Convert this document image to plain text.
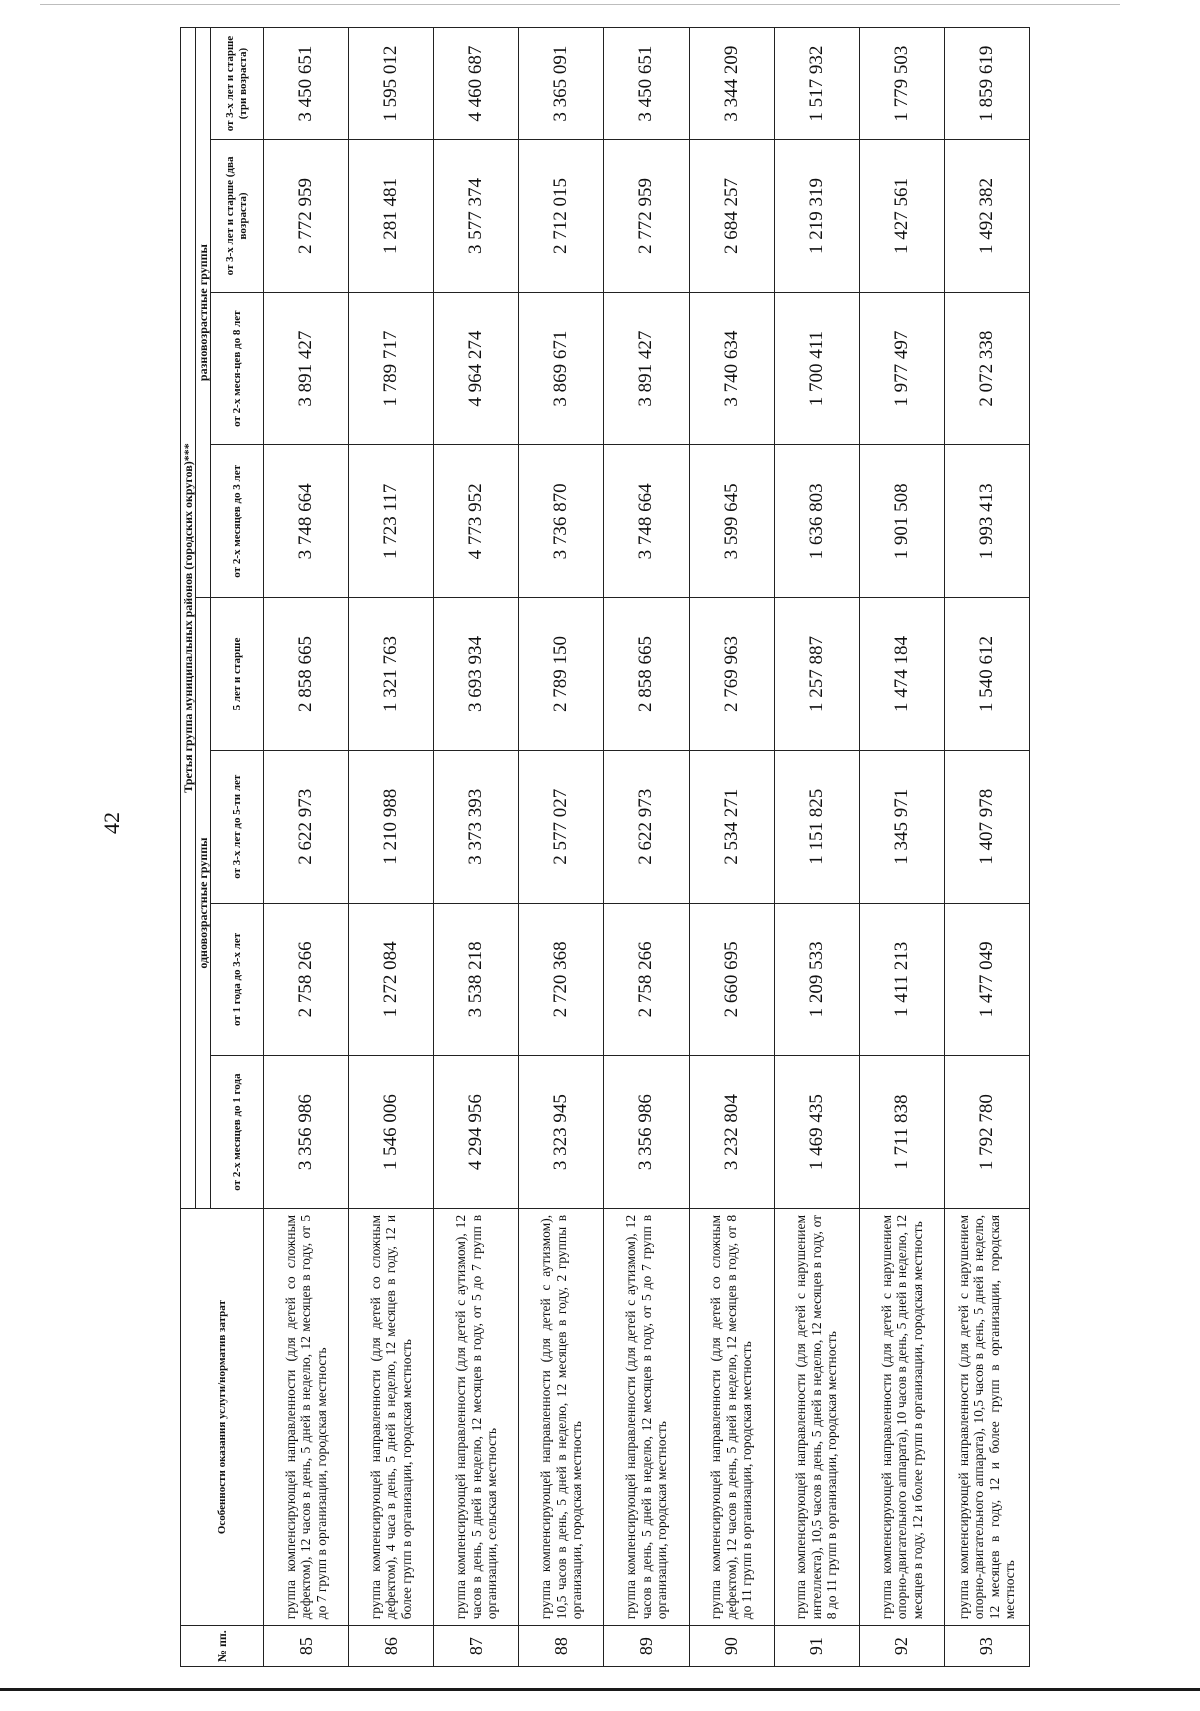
42
№ пп.	Особенности оказания услуги/норматив затрат	Третья группа муниципальных районов (городских округов)***							
		одновозрастные группы				разновозрастные группы			
		от 2-х месяцев до 1 года	от 1 года до 3-х лет	от 3-х лет до 5-ти лет	5 лет и старше	от 2-х месяцев до 3 лет	от 2-х меся-цев до 8 лет	от 3-х лет и старше (два возраста)	от 3-х лет и старше (три возраста)
85	группа компенсирующей направленности (для детей со сложным дефектом), 12 часов в день, 5 дней в неделю, 12 месяцев в году, от 5 до 7 групп в организации, городская местность	3 356 986	2 758 266	2 622 973	2 858 665	3 748 664	3 891 427	2 772 959	3 450 651
86	группа компенсирующей направленности (для детей со сложным дефектом), 4 часа в день, 5 дней в неделю, 12 месяцев в году, 12 и более групп в организации, городская местность	1 546 006	1 272 084	1 210 988	1 321 763	1 723 117	1 789 717	1 281 481	1 595 012
87	группа компенсирующей направленности (для детей с аутизмом), 12 часов в день, 5 дней в неделю, 12 месяцев в году, от 5 до 7 групп в организации, сельская местность	4 294 956	3 538 218	3 373 393	3 693 934	4 773 952	4 964 274	3 577 374	4 460 687
88	группа компенсирующей направленности (для детей с аутизмом), 10,5 часов в день, 5 дней в неделю, 12 месяцев в году, 2 группы в организации, городская местность	3 323 945	2 720 368	2 577 027	2 789 150	3 736 870	3 869 671	2 712 015	3 365 091
89	группа компенсирующей направленности (для детей с аутизмом), 12 часов в день, 5 дней в неделю, 12 месяцев в году, от 5 до 7 групп в организации, городская местность	3 356 986	2 758 266	2 622 973	2 858 665	3 748 664	3 891 427	2 772 959	3 450 651
90	группа компенсирующей направленности (для детей со сложным дефектом), 12 часов в день, 5 дней в неделю, 12 месяцев в году, от 8 до 11 групп в организации, городская местность	3 232 804	2 660 695	2 534 271	2 769 963	3 599 645	3 740 634	2 684 257	3 344 209
91	группа компенсирующей направленности (для детей с нарушением интеллекта), 10,5 часов в день, 5 дней в неделю, 12 месяцев в году, от 8 до 11 групп в организации, городская местность	1 469 435	1 209 533	1 151 825	1 257 887	1 636 803	1 700 411	1 219 319	1 517 932
92	группа компенсирующей направленности (для детей с нарушением опорно-двигательного аппарата), 10 часов в день, 5 дней в неделю, 12 месяцев в году, 12 и более групп в организации, городская местность	1 711 838	1 411 213	1 345 971	1 474 184	1 901 508	1 977 497	1 427 561	1 779 503
93	группа компенсирующей направленности (для детей с нарушением опорно-двигательного аппарата), 10,5 часов в день, 5 дней в неделю, 12 месяцев в году, 12 и более групп в организации, городская местность	1 792 780	1 477 049	1 407 978	1 540 612	1 993 413	2 072 338	1 492 382	1 859 619
